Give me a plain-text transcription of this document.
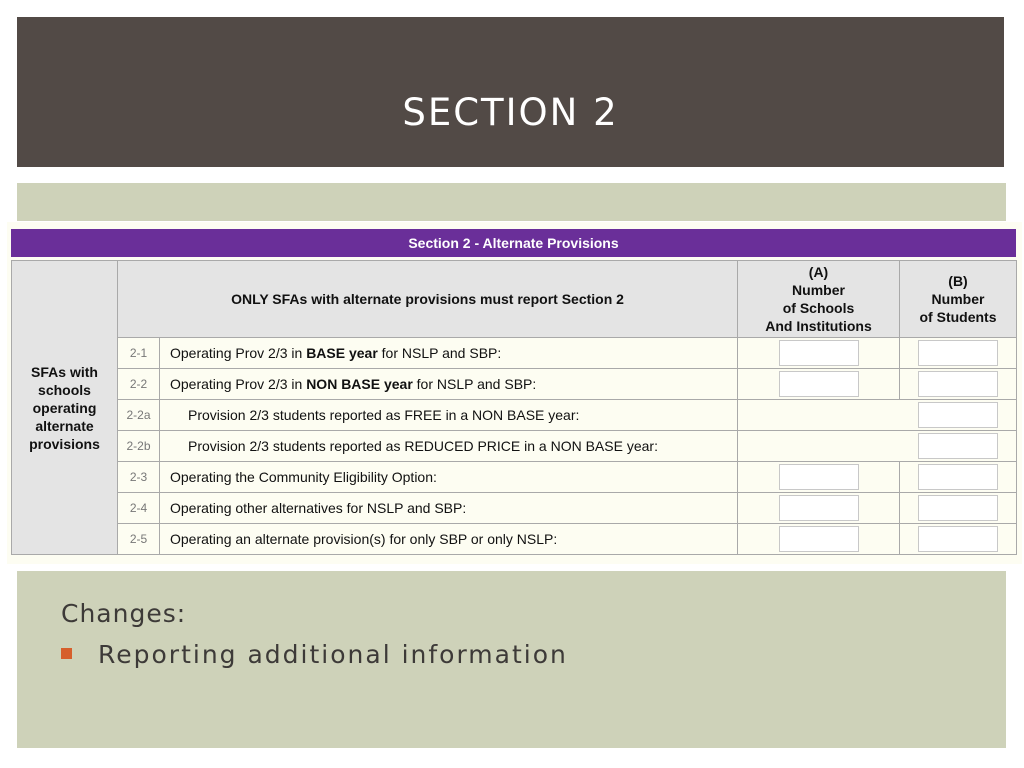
SECTION 2
Section 2 - Alternate Provisions
SFAs with schools operating alternate provisions	ONLY SFAs with alternate provisions must report Section 2		(A)
Number
of Schools
And Institutions	(B)
Number
of Students

	2-1	Operating Prov 2/3 in BASE year for NSLP and SBP:		
	2-2	Operating Prov 2/3 in NON BASE year for NSLP and SBP:		
	2-2a	Provision 2/3 students reported as FREE in a NON BASE year:		
	2-2b	Provision 2/3 students reported as REDUCED PRICE in a NON BASE year:		
	2-3	Operating the Community Eligibility Option:		
	2-4	Operating other alternatives for NSLP and SBP:		
	2-5	Operating an alternate provision(s) for only SBP or only NSLP:		
Changes:
Reporting additional information
